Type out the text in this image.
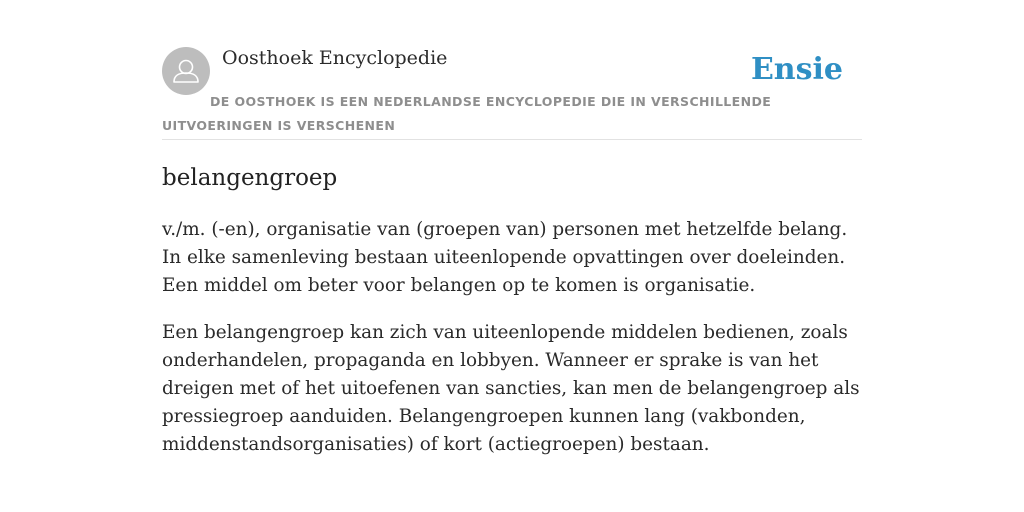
Oosthoek Encyclopedie	Ensie
DE OOSTHOEK IS EEN NEDERLANDSE ENCYCLOPEDIE DIE IN VERSCHILLENDE UITVOERINGEN IS VERSCHENEN
belangengroep

v./m. (-en), organisatie van (groepen van) personen met hetzelfde belang. In elke samenleving bestaan uiteenlopende opvattingen over doeleinden. Een middel om beter voor belangen op te komen is organisatie.

Een belangengroep kan zich van uiteenlopende middelen bedienen, zoals onderhandelen, propaganda en lobbyen. Wanneer er sprake is van het dreigen met of het uitoefenen van sancties, kan men de belangengroep als pressiegroep aanduiden. Belangengroepen kunnen lang (vakbonden, middenstandsorganisaties) of kort (actiegroepen) bestaan.
